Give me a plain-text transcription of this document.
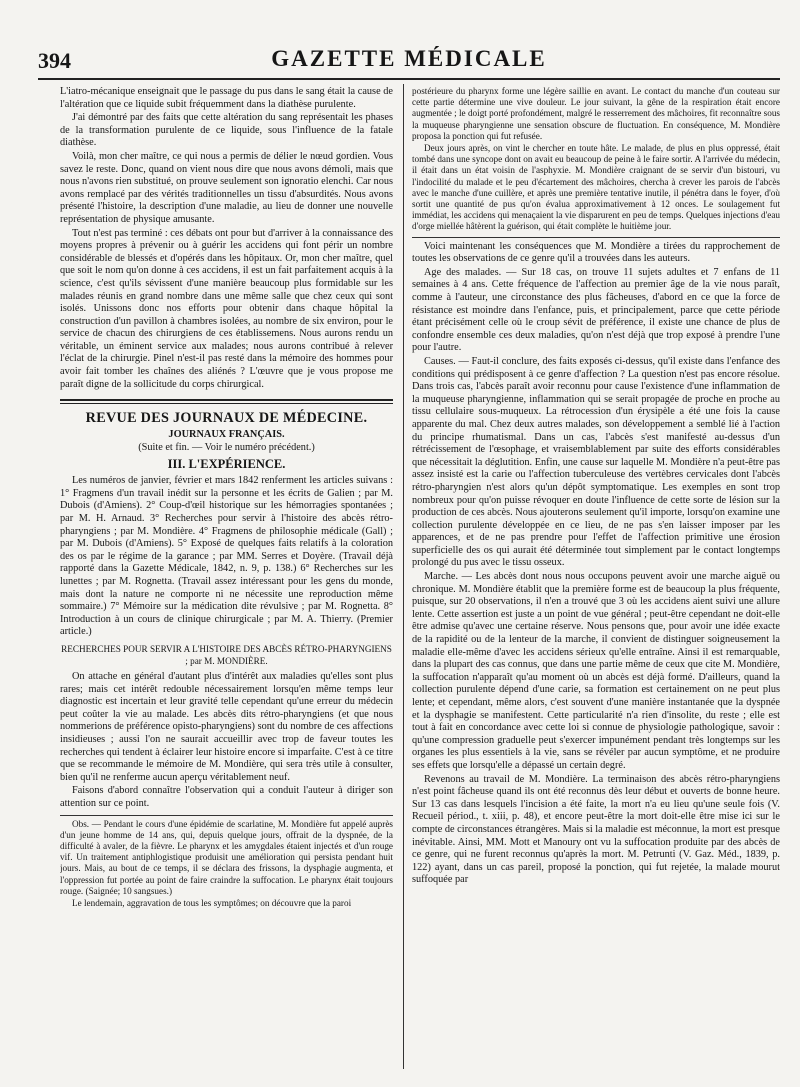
394	GAZETTE MÉDICALE

L'iatro-mécanique enseignait que le passage du pus dans le sang était la cause de l'altération que ce liquide subit fréquemment dans la diathèse purulente.

J'ai démontré par des faits que cette altération du sang représentait les phases de la transformation purulente de ce liquide, sous l'influence de la fatale diathèse.

Voilà, mon cher maître, ce qui nous a permis de délier le nœud gordien. Vous savez le reste. Donc, quand on vient nous dire que nous avons démoli, mais que nous n'avons rien substitué, on prouve seulement son ignoratio elenchi. Car nous avons remplacé par des vérités traditionnelles un tissu d'absurdités. Nous avons présenté l'histoire, la description d'une maladie, au lieu de donner une nouvelle représentation de physique amusante.

Tout n'est pas terminé : ces débats ont pour but d'arriver à la connaissance des moyens propres à prévenir ou à guérir les accidens qui font périr un nombre considérable de blessés et d'opérés dans les hôpitaux. Or, mon cher maître, quel que soit le nom qu'on donne à ces accidens, il est un fait parfaitement acquis à la science, c'est qu'ils sévissent d'une manière beaucoup plus formidable sur les malades réunis en grand nombre dans une même salle que chez ceux qui sont isolés. Unissons donc nos efforts pour obtenir dans chaque hôpital la construction d'un pavillon à chambres isolées, au nombre de six environ, pour le service de chacun des chirurgiens de ces établissemens. Nous aurons rendu un véritable, un éminent service aux malades; nous aurons contribué à relever l'éclat de la chirurgie. Pinel n'est-il pas resté dans la mémoire des hommes pour avoir fait tomber les chaînes des aliénés ? L'œuvre que je vous propose me paraît digne de la sollicitude du corps chirurgical.

REVUE DES JOURNAUX DE MÉDECINE.
JOURNAUX FRANÇAIS.
(Suite et fin. — Voir le numéro précédent.)
III. L'EXPÉRIENCE.

Les numéros de janvier, février et mars 1842 renferment les articles suivans : 1° Fragmens d'un travail inédit sur la personne et les écrits de Galien ; par M. Dubois (d'Amiens). 2° Coup-d'œil historique sur les hémorragies spontanées ; par M. H. Arnaud. 3° Recherches pour servir à l'histoire des abcès rétro-pharyngiens ; par M. Mondière. 4° Fragmens de philosophie médicale (Gall) ; par M. Dubois (d'Amiens). 5° Exposé de quelques faits relatifs à la coloration des os par le régime de la garance ; par MM. Serres et Doyère. (Travail déjà rapporté dans la Gazette Médicale, 1842, n. 9, p. 138.) 6° Recherches sur les lunettes ; par M. Rognetta. (Travail assez intéressant pour les gens du monde, mais dont la nature ne comporte ni ne nécessite une reproduction même sommaire.) 7° Mémoire sur la médication dite révulsive ; par M. Rognetta. 8° Introduction à un cours de clinique chirurgicale ; par M. A. Thierry. (Premier article.)

RECHERCHES POUR SERVIR A L'HISTOIRE DES ABCÈS RÉTRO-PHARYNGIENS ; par M. MONDIÈRE.

On attache en général d'autant plus d'intérêt aux maladies qu'elles sont plus rares; mais cet intérêt redouble nécessairement lorsqu'en même temps leur diagnostic est incertain et leur gravité telle cependant qu'une erreur du médecin peut coûter la vie au malade. Les abcès dits rétro-pharyngiens (et que nous nommerions de préférence opisto-pharyngiens) sont du nombre de ces affections insidieuses ; aussi l'on ne saurait accueillir avec trop de faveur toutes les recherches qui tendent à éclairer leur histoire encore si imparfaite. C'est à ce titre que se recommande le mémoire de M. Mondière, qui sera très utile à consulter, bien qu'il ne renferme aucun aperçu véritablement neuf.

Faisons d'abord connaître l'observation qui a conduit l'auteur à diriger son attention sur ce point.

Obs. — Pendant le cours d'une épidémie de scarlatine, M. Mondière fut appelé auprès d'un jeune homme de 14 ans, qui, depuis quelque jours, offrait de la dyspnée, de la difficulté à avaler, de la fièvre. Le pharynx et les amygdales étaient injectés et d'un rouge vif. Un traitement antiphlogistique produisit une amélioration qui persista pendant huit jours. Mais, au bout de ce temps, il se déclara des frissons, la dysphagie augmenta, et l'oppression fut portée au point de faire craindre la suffocation. Le pharynx était toujours rouge. (Saignée; 10 sangsues.)

Le lendemain, aggravation de tous les symptômes; on découvre que la paroi

postérieure du pharynx forme une légère saillie en avant. Le contact du manche d'un couteau sur cette partie détermine une vive douleur. Le jour suivant, la gêne de la respiration était encore augmentée ; le doigt porté profondément, malgré le resserrement des mâchoires, fit reconnaître sous la muqueuse pharyngienne une sensation obscure de fluctuation. En conséquence, M. Mondière proposa la ponction qui fut refusée.

Deux jours après, on vint le chercher en toute hâte. Le malade, de plus en plus oppressé, était tombé dans une syncope dont on avait eu beaucoup de peine à le faire sortir. A l'arrivée du médecin, il était dans un état voisin de l'asphyxie. M. Mondière craignant de se servir d'un bistouri, vu l'indocilité du malade et le peu d'écartement des mâchoires, chercha à crever les parois de l'abcès avec le manche d'une cuillère, et après une première tentative inutile, il pénétra dans le foyer, d'où sortit une quantité de pus qu'on évalua approximativement à 12 onces. Le soulagement fut immédiat, les accidens qui menaçaient la vie disparurent en peu de temps. Quelques injections d'eau d'orge miellée hâtèrent la guérison, qui était complète le huitième jour.

Voici maintenant les conséquences que M. Mondière a tirées du rapprochement de toutes les observations de ce genre qu'il a trouvées dans les auteurs.

Age des malades. — Sur 18 cas, on trouve 11 sujets adultes et 7 enfans de 11 semaines à 4 ans. Cette fréquence de l'affection au premier âge de la vie nous paraît, comme à l'auteur, une circonstance des plus fâcheuses, d'abord en ce que la force de résistance est moindre dans l'enfance, puis, et principalement, parce que cette période étant précisément celle où le croup sévit de préférence, il existe une chance de plus de confondre ensemble ces deux maladies, qu'on n'est déjà que trop exposé à prendre l'une pour l'autre.

Causes. — Faut-il conclure, des faits exposés ci-dessus, qu'il existe dans l'enfance des conditions qui prédisposent à ce genre d'affection ? La question n'est pas encore résolue. Dans trois cas, l'abcès paraît avoir reconnu pour cause l'existence d'une inflammation de la muqueuse pharyngienne, inflammation qui se serait propagée de proche en proche au tissu cellulaire sous-muqueux. La rétrocession d'un érysipèle a été une fois la cause apparente du mal. Chez deux autres malades, son développement a semblé lié à l'action du principe rhumatismal. Dans un cas, l'abcès s'est manifesté au-dessus d'un rétrécissement de l'œsophage, et vraisemblablement par suite des efforts considérables que nécessitait la déglutition. Enfin, une cause sur laquelle M. Mondière n'a peut-être pas assez insisté est la carie ou l'affection tuberculeuse des vertèbres cervicales dont l'abcès rétro-pharyngien n'est alors qu'un dépôt symptomatique. Les exemples en sont trop nombreux pour qu'on puisse révoquer en doute l'influence de cette sorte de lésion sur la production de ces abcès. Nous ajouterons seulement qu'il importe, lorsqu'on examine une collection purulente développée en ce lieu, de ne pas s'en laisser imposer par les apparences, et de ne pas prendre pour l'effet de l'affection primitive une érosion superficielle des os qui aurait été déterminée tout simplement par le contact longtemps prolongé du pus avec le tissu osseux.

Marche. — Les abcès dont nous nous occupons peuvent avoir une marche aiguë ou chronique. M. Mondière établit que la première forme est de beaucoup la plus fréquente, puisque, sur 20 observations, il n'en a trouvé que 3 où les accidens aient suivi une allure lente. Cette assertion est juste a un point de vue général ; peut-être cependant ne doit-elle être admise qu'avec une certaine réserve. Nous pensons que, pour avoir une idée exacte de la rapidité ou de la lenteur de la marche, il convient de distinguer soigneusement la maladie elle-même d'avec les accidens sérieux qu'elle entraîne. Ainsi il est remarquable, dans la plupart des cas connus, que dans une partie même de ceux que cite M. Mondière, la suffocation n'apparaît qu'au moment où un abcès est déjà formé. D'ailleurs, quand la collection purulente dépend d'une carie, sa formation est certainement on ne peut plus lente; et cependant, même alors, c'est souvent d'une manière instantanée que la dyspnée et la dysphagie se manifestent. Cette particularité n'a rien d'insolite, du reste ; elle est tout à fait en concordance avec cette loi si connue de physiologie pathologique, savoir : qu'une compression graduelle peut s'exercer impunément pendant très longtemps sur les organes les plus essentiels à la vie, sans se révéler par aucun symptôme, et ne produire ses effets que lorsqu'elle a dépassé un certain degré.

Revenons au travail de M. Mondière. La terminaison des abcès rétro-pharyngiens n'est point fâcheuse quand ils ont été reconnus dès leur début et ouverts de bonne heure. Sur 13 cas dans lesquels l'incision a été faite, la mort n'a eu lieu qu'une seule fois (V. Recueil périod., t. xiii, p. 48), et encore peut-être la mort doit-elle être mise ici sur le compte de circonstances étrangères. Mais si la maladie est méconnue, la mort est presque inévitable. Ainsi, MM. Mott et Manoury ont vu la suffocation produite par des abcès de ce genre, qui ne furent reconnus qu'après la mort. M. Petrunti (V. Gaz. Méd., 1839, p. 122) ayant, dans un cas pareil, proposé la ponction, qui fut rejetée, la malade mourut suffoquée par
